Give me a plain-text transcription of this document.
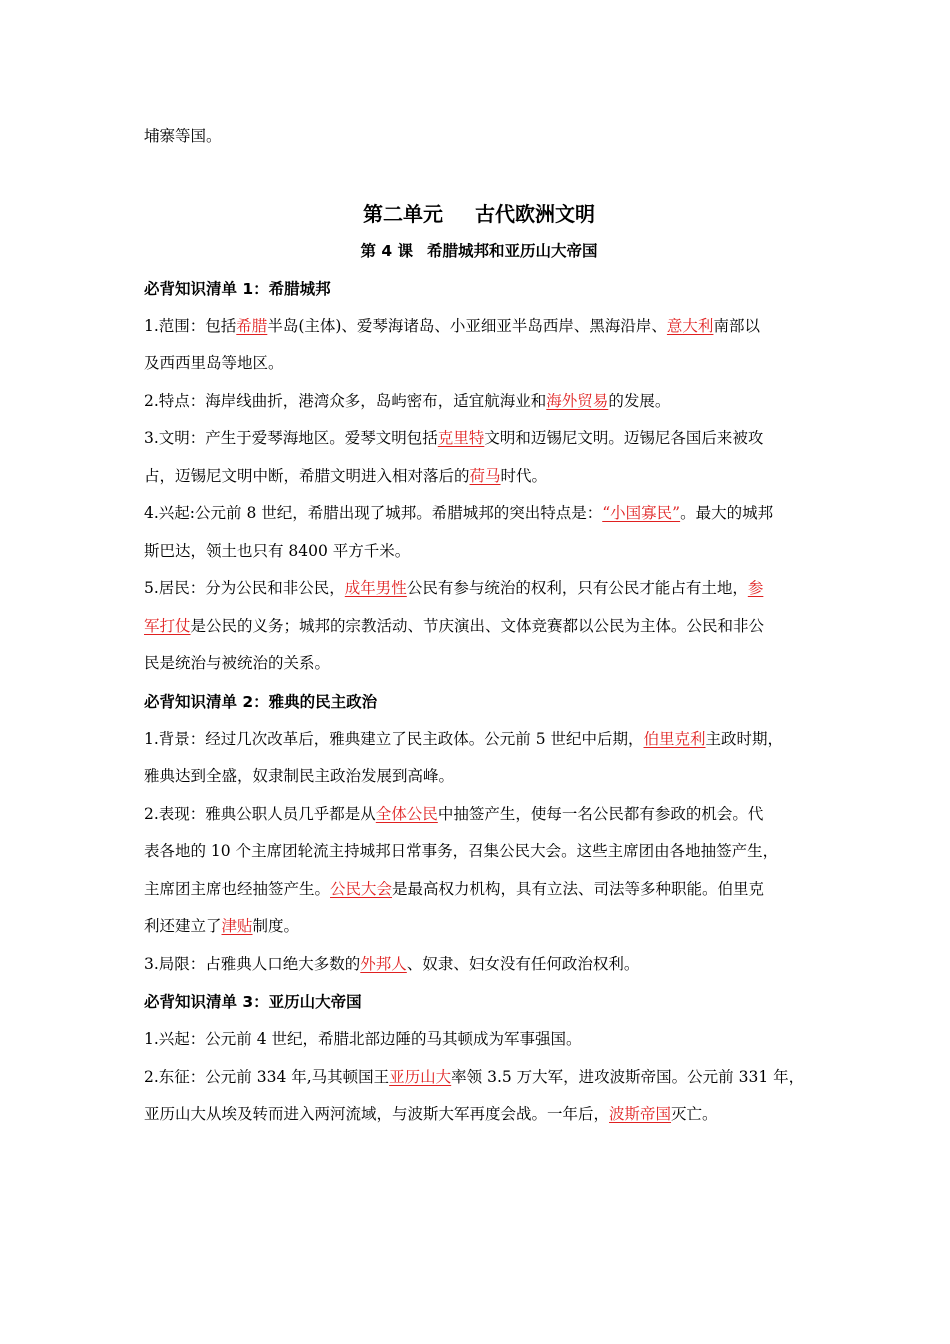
埔寨等国。
第二单元 古代欧洲文明
第 4 课 希腊城邦和亚历山大帝国
必背知识清单 1：希腊城邦
1.范围：包括希腊半岛(主体)、爱琴海诸岛、小亚细亚半岛西岸、黑海沿岸、意大利南部以
及西西里岛等地区。
2.特点：海岸线曲折，港湾众多，岛屿密布，适宜航海业和海外贸易的发展。
3.文明：产生于爱琴海地区。爱琴文明包括克里特文明和迈锡尼文明。迈锡尼各国后来被攻
占，迈锡尼文明中断，希腊文明进入相对落后的荷马时代。
4.兴起:公元前 8 世纪，希腊出现了城邦。希腊城邦的突出特点是：“小国寡民”。最大的城邦
斯巴达，领土也只有 8400 平方千米。
5.居民：分为公民和非公民，成年男性公民有参与统治的权利，只有公民才能占有土地，参
军打仗是公民的义务；城邦的宗教活动、节庆演出、文体竞赛都以公民为主体。公民和非公
民是统治与被统治的关系。
必背知识清单 2：雅典的民主政治
1.背景：经过几次改革后，雅典建立了民主政体。公元前 5 世纪中后期，伯里克利主政时期，
雅典达到全盛，奴隶制民主政治发展到高峰。
2.表现：雅典公职人员几乎都是从全体公民中抽签产生，使每一名公民都有参政的机会。代
表各地的 10 个主席团轮流主持城邦日常事务，召集公民大会。这些主席团由各地抽签产生，
主席团主席也经抽签产生。公民大会是最高权力机构，具有立法、司法等多种职能。伯里克
利还建立了津贴制度。
3.局限：占雅典人口绝大多数的外邦人、奴隶、妇女没有任何政治权利。
必背知识清单 3：亚历山大帝国
1.兴起：公元前 4 世纪，希腊北部边陲的马其顿成为军事强国。
2.东征：公元前 334 年,马其顿国王亚历山大率领 3.5 万大军，进攻波斯帝国。公元前 331 年，
亚历山大从埃及转而进入两河流域，与波斯大军再度会战。一年后，波斯帝国灭亡。
